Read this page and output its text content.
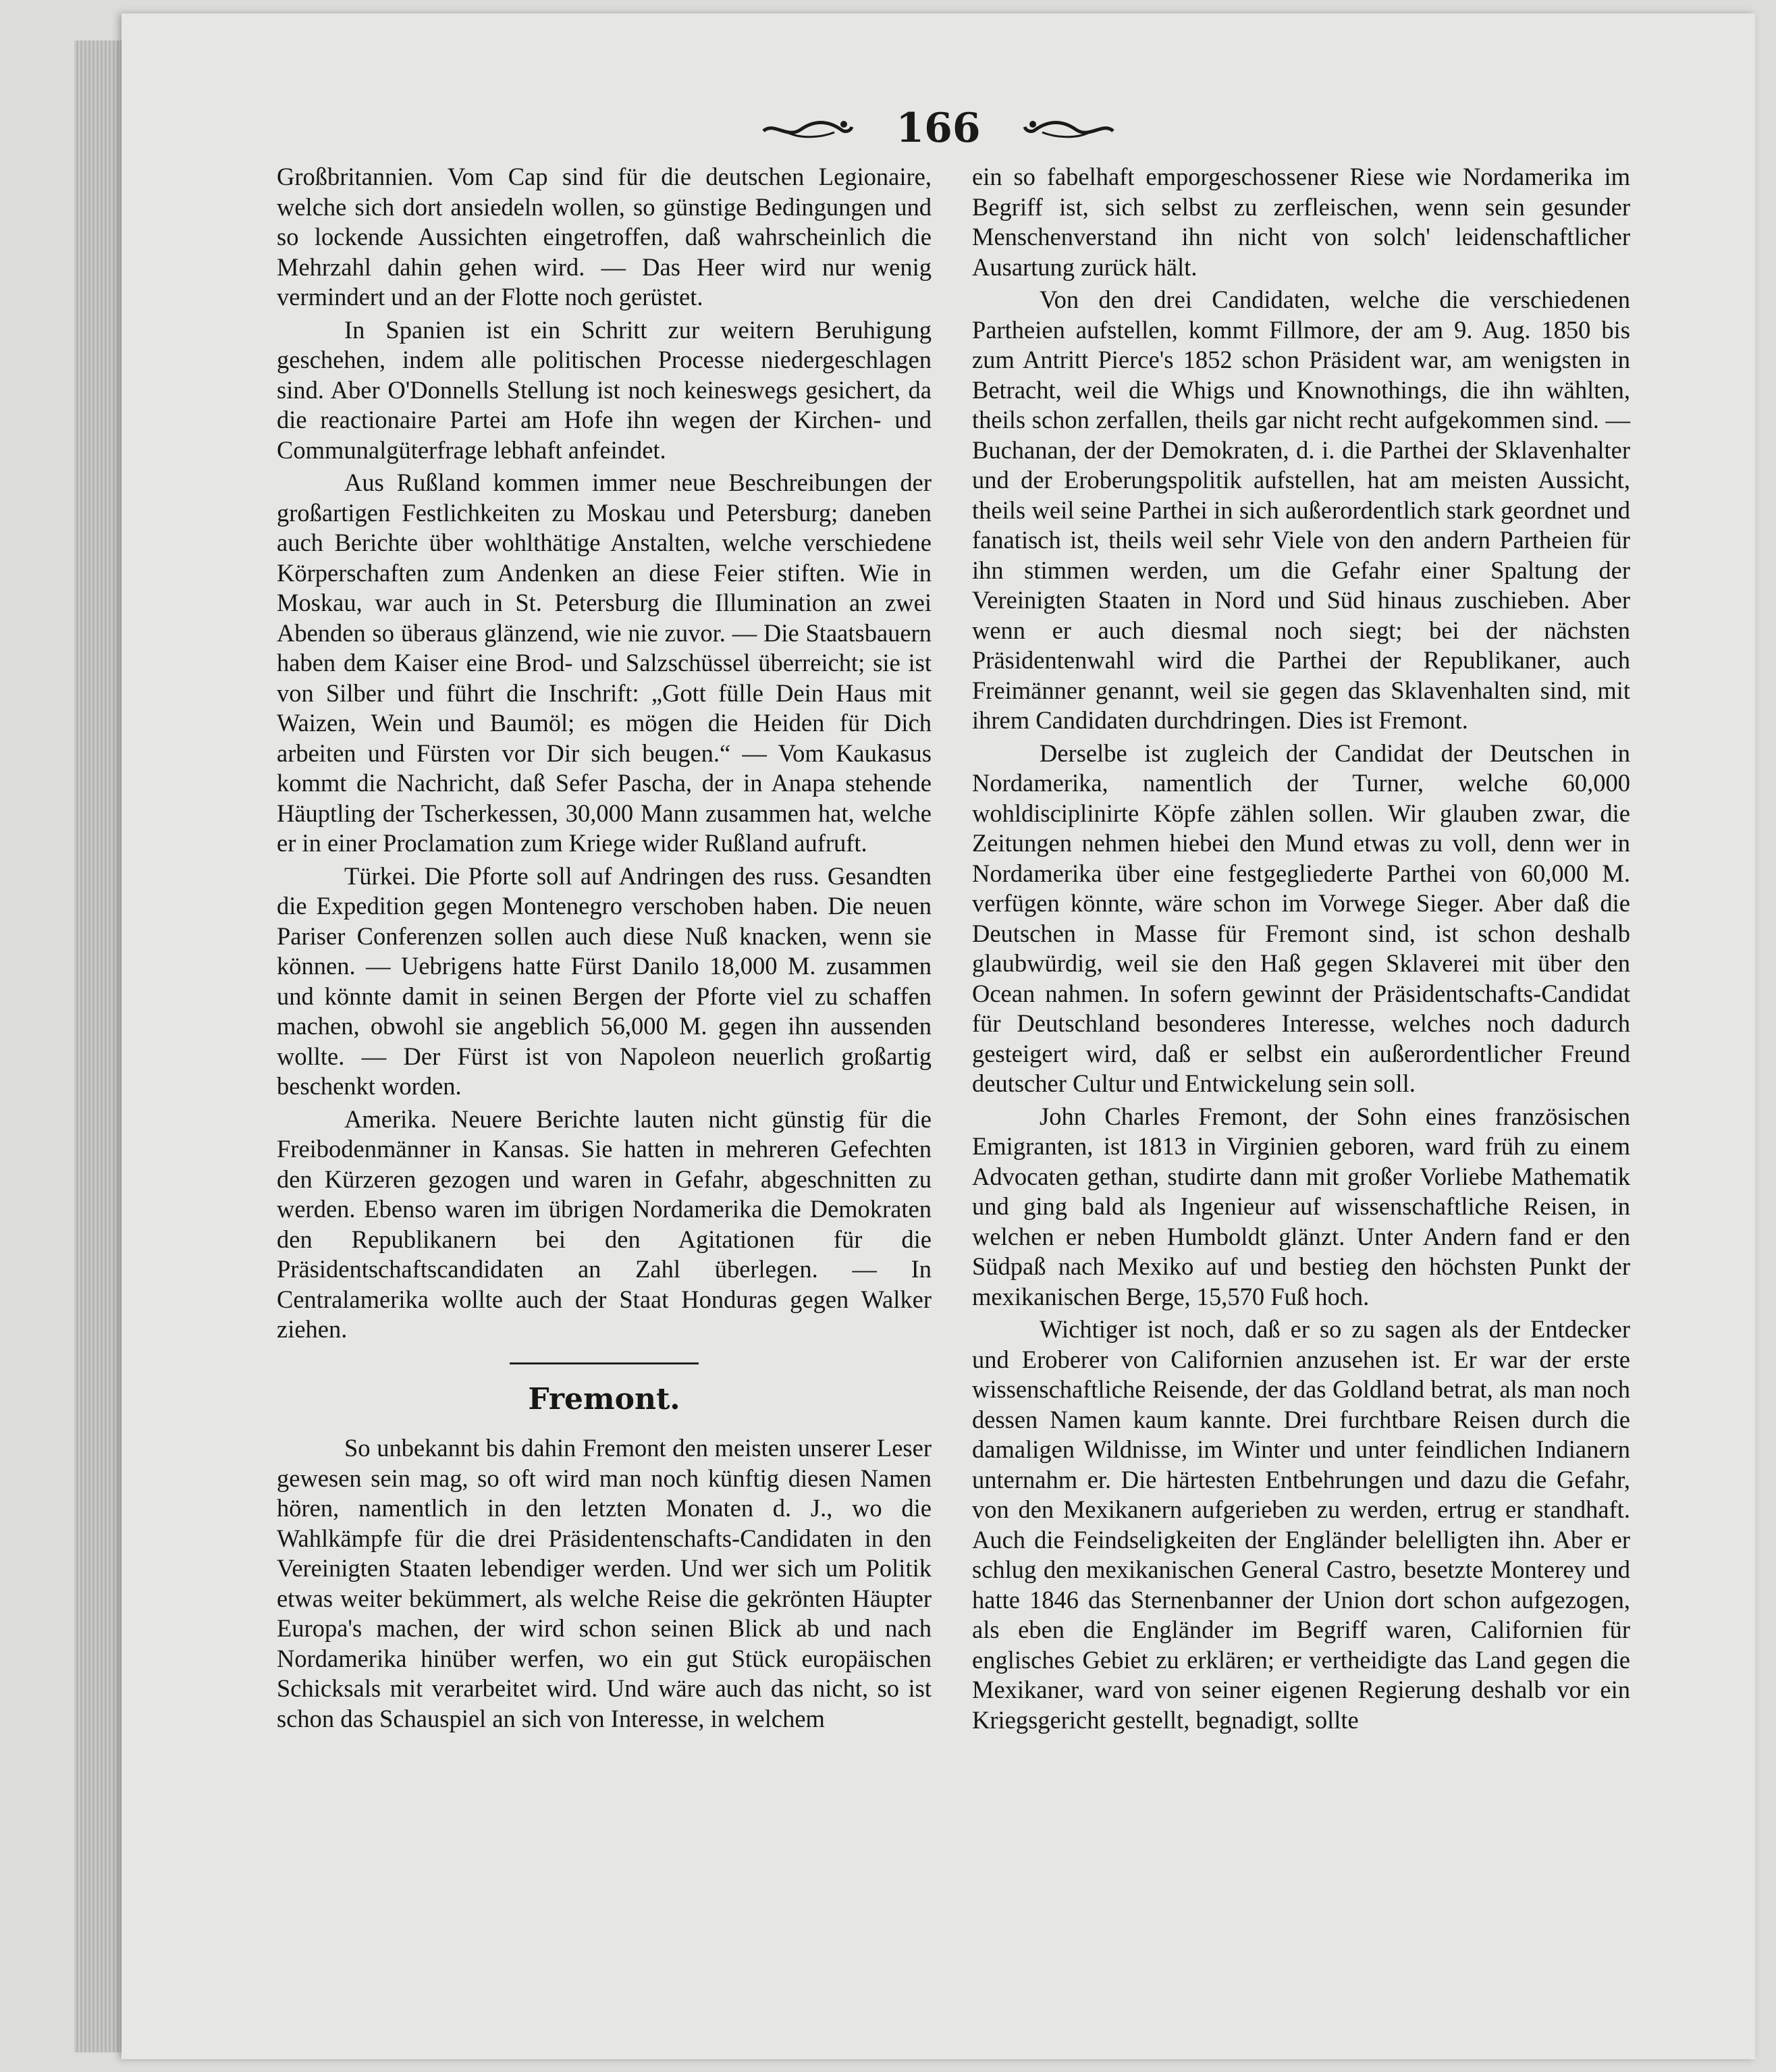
166

Großbritannien. Vom Cap sind für die deutschen Legionaire, welche sich dort ansiedeln wollen, so günstige Bedingungen und so lockende Aussichten eingetroffen, daß wahrscheinlich die Mehrzahl dahin gehen wird. — Das Heer wird nur wenig vermindert und an der Flotte noch gerüstet.

In Spanien ist ein Schritt zur weitern Beruhigung geschehen, indem alle politischen Processe niedergeschlagen sind. Aber O'Donnells Stellung ist noch keineswegs gesichert, da die reactionaire Partei am Hofe ihn wegen der Kirchen- und Communalgüterfrage lebhaft anfeindet.

Aus Rußland kommen immer neue Beschreibungen der großartigen Festlichkeiten zu Moskau und Petersburg; daneben auch Berichte über wohlthätige Anstalten, welche verschiedene Körperschaften zum Andenken an diese Feier stiften. Wie in Moskau, war auch in St. Petersburg die Illumination an zwei Abenden so überaus glänzend, wie nie zuvor. — Die Staatsbauern haben dem Kaiser eine Brod- und Salzschüssel überreicht; sie ist von Silber und führt die Inschrift: „Gott fülle Dein Haus mit Waizen, Wein und Baumöl; es mögen die Heiden für Dich arbeiten und Fürsten vor Dir sich beugen.“ — Vom Kaukasus kommt die Nachricht, daß Sefer Pascha, der in Anapa stehende Häuptling der Tscherkessen, 30,000 Mann zusammen hat, welche er in einer Proclamation zum Kriege wider Rußland aufruft.

Türkei. Die Pforte soll auf Andringen des russ. Gesandten die Expedition gegen Montenegro verschoben haben. Die neuen Pariser Conferenzen sollen auch diese Nuß knacken, wenn sie können. — Uebrigens hatte Fürst Danilo 18,000 M. zusammen und könnte damit in seinen Bergen der Pforte viel zu schaffen machen, obwohl sie angeblich 56,000 M. gegen ihn aussenden wollte. — Der Fürst ist von Napoleon neuerlich großartig beschenkt worden.

Amerika. Neuere Berichte lauten nicht günstig für die Freibodenmänner in Kansas. Sie hatten in mehreren Gefechten den Kürzeren gezogen und waren in Gefahr, abgeschnitten zu werden. Ebenso waren im übrigen Nordamerika die Demokraten den Republikanern bei den Agitationen für die Präsidentschaftscandidaten an Zahl überlegen. — In Centralamerika wollte auch der Staat Honduras gegen Walker ziehen.

Fremont.

So unbekannt bis dahin Fremont den meisten unserer Leser gewesen sein mag, so oft wird man noch künftig diesen Namen hören, namentlich in den letzten Monaten d. J., wo die Wahlkämpfe für die drei Präsidentenschafts-Candidaten in den Vereinigten Staaten lebendiger werden. Und wer sich um Politik etwas weiter bekümmert, als welche Reise die gekrönten Häupter Europa's machen, der wird schon seinen Blick ab und nach Nordamerika hinüber werfen, wo ein gut Stück europäischen Schicksals mit verarbeitet wird. Und wäre auch das nicht, so ist schon das Schauspiel an sich von Interesse, in welchem

ein so fabelhaft emporgeschossener Riese wie Nordamerika im Begriff ist, sich selbst zu zerfleischen, wenn sein gesunder Menschenverstand ihn nicht von solch' leidenschaftlicher Ausartung zurück hält.

Von den drei Candidaten, welche die verschiedenen Partheien aufstellen, kommt Fillmore, der am 9. Aug. 1850 bis zum Antritt Pierce's 1852 schon Präsident war, am wenigsten in Betracht, weil die Whigs und Knownothings, die ihn wählten, theils schon zerfallen, theils gar nicht recht aufgekommen sind. — Buchanan, der der Demokraten, d. i. die Parthei der Sklavenhalter und der Eroberungspolitik aufstellen, hat am meisten Aussicht, theils weil seine Parthei in sich außerordentlich stark geordnet und fanatisch ist, theils weil sehr Viele von den andern Partheien für ihn stimmen werden, um die Gefahr einer Spaltung der Vereinigten Staaten in Nord und Süd hinaus zuschieben. Aber wenn er auch diesmal noch siegt; bei der nächsten Präsidentenwahl wird die Parthei der Republikaner, auch Freimänner genannt, weil sie gegen das Sklavenhalten sind, mit ihrem Candidaten durchdringen. Dies ist Fremont.

Derselbe ist zugleich der Candidat der Deutschen in Nordamerika, namentlich der Turner, welche 60,000 wohldisciplinirte Köpfe zählen sollen. Wir glauben zwar, die Zeitungen nehmen hiebei den Mund etwas zu voll, denn wer in Nordamerika über eine festgegliederte Parthei von 60,000 M. verfügen könnte, wäre schon im Vorwege Sieger. Aber daß die Deutschen in Masse für Fremont sind, ist schon deshalb glaubwürdig, weil sie den Haß gegen Sklaverei mit über den Ocean nahmen. In sofern gewinnt der Präsidentschafts-Candidat für Deutschland besonderes Interesse, welches noch dadurch gesteigert wird, daß er selbst ein außerordentlicher Freund deutscher Cultur und Entwickelung sein soll.

John Charles Fremont, der Sohn eines französischen Emigranten, ist 1813 in Virginien geboren, ward früh zu einem Advocaten gethan, studirte dann mit großer Vorliebe Mathematik und ging bald als Ingenieur auf wissenschaftliche Reisen, in welchen er neben Humboldt glänzt. Unter Andern fand er den Südpaß nach Mexiko auf und bestieg den höchsten Punkt der mexikanischen Berge, 15,570 Fuß hoch.

Wichtiger ist noch, daß er so zu sagen als der Entdecker und Eroberer von Californien anzusehen ist. Er war der erste wissenschaftliche Reisende, der das Goldland betrat, als man noch dessen Namen kaum kannte. Drei furchtbare Reisen durch die damaligen Wildnisse, im Winter und unter feindlichen Indianern unternahm er. Die härtesten Entbehrungen und dazu die Gefahr, von den Mexikanern aufgerieben zu werden, ertrug er standhaft. Auch die Feindseligkeiten der Engländer belelligten ihn. Aber er schlug den mexikanischen General Castro, besetzte Monterey und hatte 1846 das Sternenbanner der Union dort schon aufgezogen, als eben die Engländer im Begriff waren, Californien für englisches Gebiet zu erklären; er vertheidigte das Land gegen die Mexikaner, ward von seiner eigenen Regierung deshalb vor ein Kriegsgericht gestellt, begnadigt, sollte
